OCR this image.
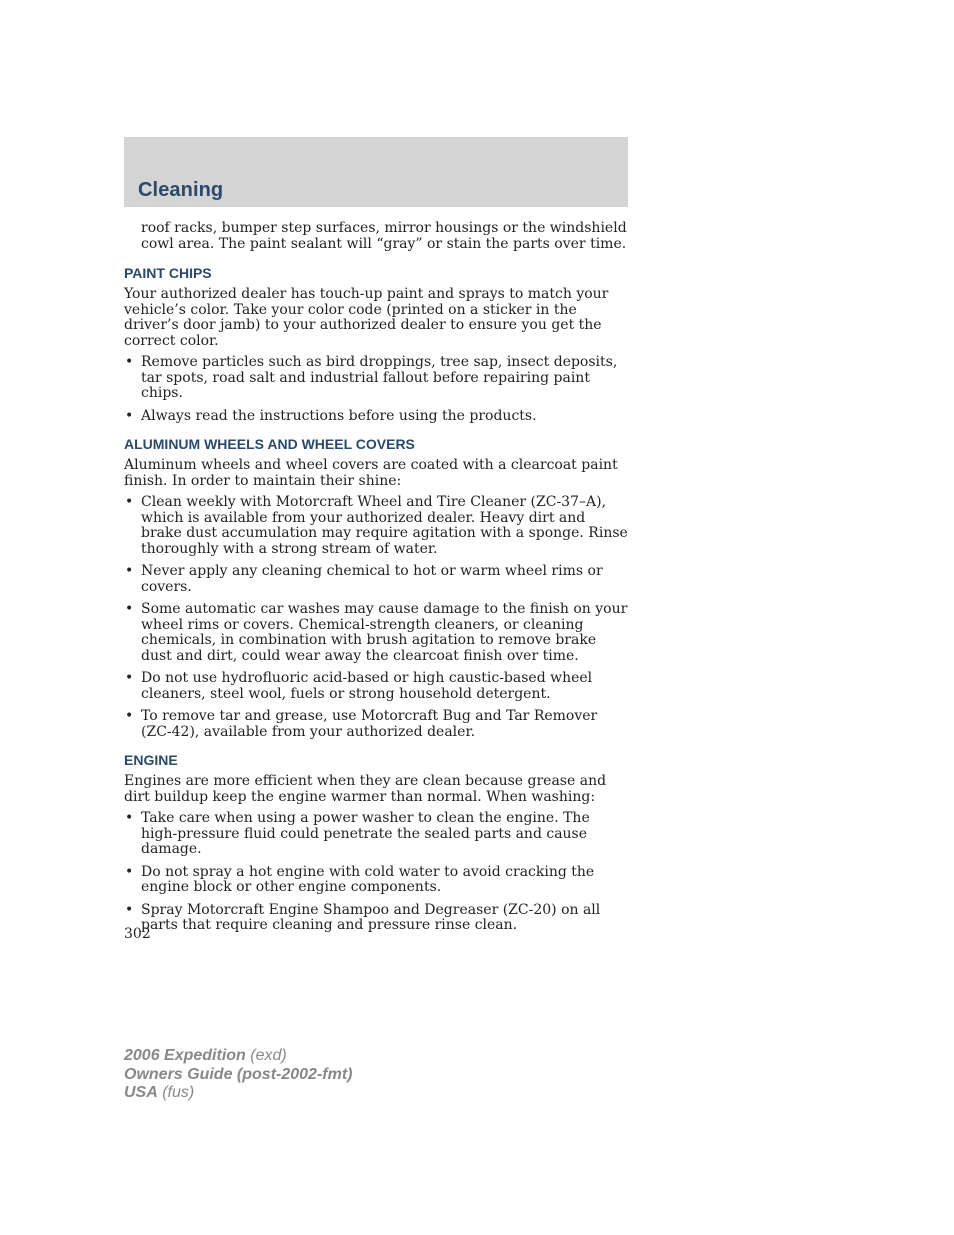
Cleaning

roof racks, bumper step surfaces, mirror housings or the windshield cowl area. The paint sealant will “gray” or stain the parts over time.

PAINT CHIPS

Your authorized dealer has touch-up paint and sprays to match your vehicle’s color. Take your color code (printed on a sticker in the driver’s door jamb) to your authorized dealer to ensure you get the correct color.

• Remove particles such as bird droppings, tree sap, insect deposits, tar spots, road salt and industrial fallout before repairing paint chips.
• Always read the instructions before using the products.
ALUMINUM WHEELS AND WHEEL COVERS

Aluminum wheels and wheel covers are coated with a clearcoat paint finish. In order to maintain their shine:

• Clean weekly with Motorcraft Wheel and Tire Cleaner (ZC-37–A), which is available from your authorized dealer. Heavy dirt and brake dust accumulation may require agitation with a sponge. Rinse thoroughly with a strong stream of water.
• Never apply any cleaning chemical to hot or warm wheel rims or covers.
• Some automatic car washes may cause damage to the finish on your wheel rims or covers. Chemical-strength cleaners, or cleaning chemicals, in combination with brush agitation to remove brake dust and dirt, could wear away the clearcoat finish over time.
• Do not use hydrofluoric acid-based or high caustic-based wheel cleaners, steel wool, fuels or strong household detergent.
• To remove tar and grease, use Motorcraft Bug and Tar Remover (ZC-42), available from your authorized dealer.
ENGINE

Engines are more efficient when they are clean because grease and dirt buildup keep the engine warmer than normal. When washing:

• Take care when using a power washer to clean the engine. The high-pressure fluid could penetrate the sealed parts and cause damage.
• Do not spray a hot engine with cold water to avoid cracking the engine block or other engine components.
• Spray Motorcraft Engine Shampoo and Degreaser (ZC-20) on all parts that require cleaning and pressure rinse clean.
302
2006 Expedition (exd)
Owners Guide (post-2002-fmt)
USA (fus)
